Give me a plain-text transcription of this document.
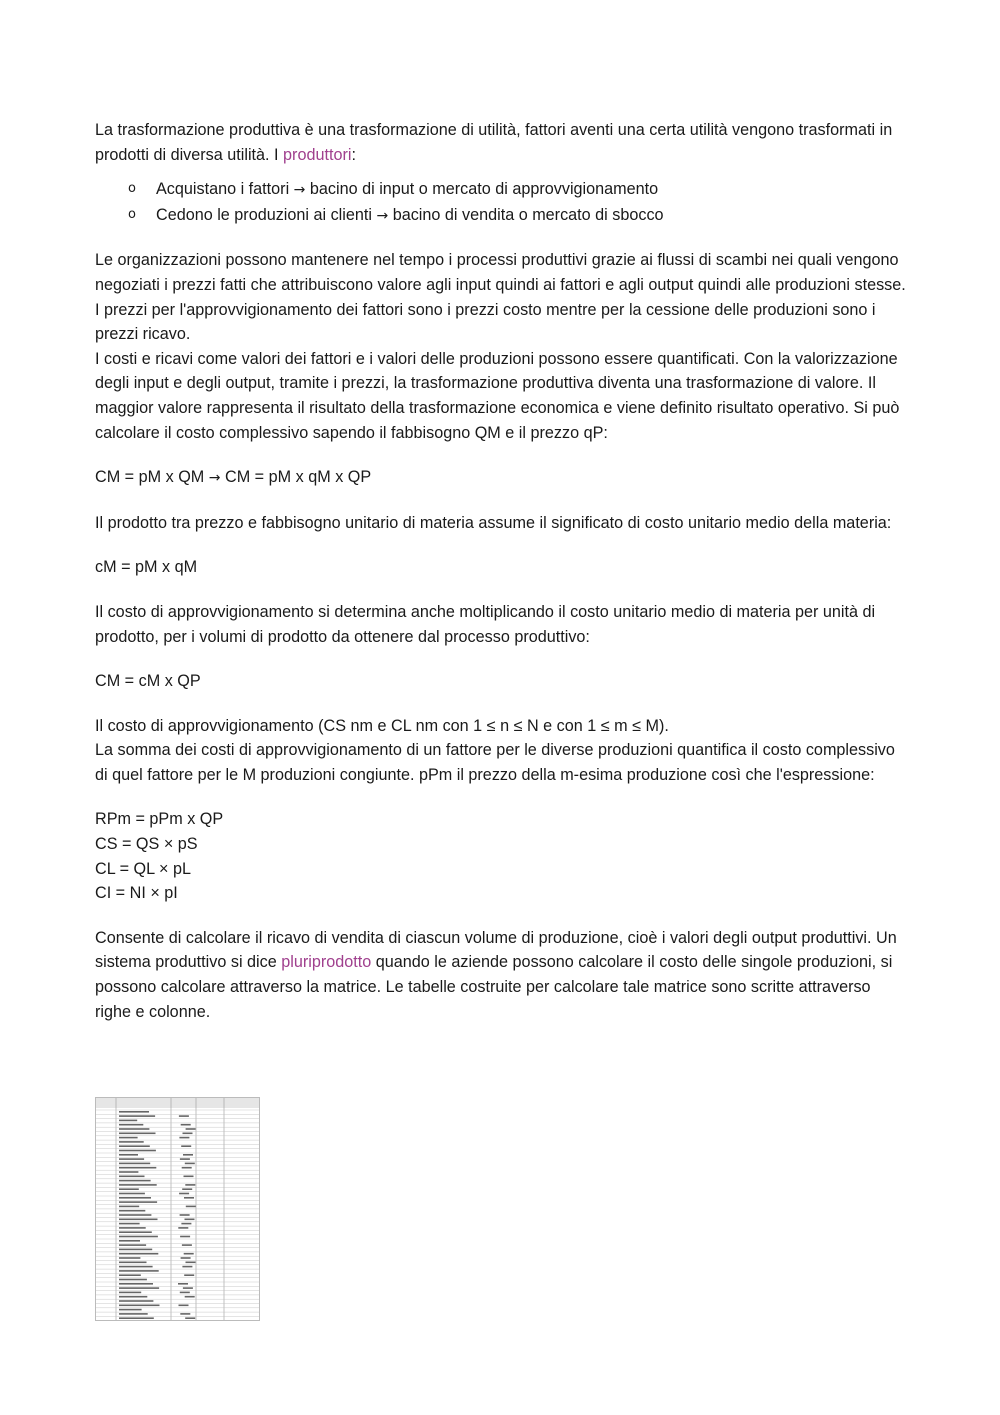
La trasformazione produttiva è una trasformazione di utilità, fattori aventi una certa utilità vengono trasformati in prodotti di diversa utilità. I produttori:

o Acquistano i fattori → bacino di input o mercato di approvvigionamento
o Cedono le produzioni ai clienti → bacino di vendita o mercato di sbocco

Le organizzazioni possono mantenere nel tempo i processi produttivi grazie ai flussi di scambi nei quali vengono negoziati i prezzi fatti che attribuiscono valore agli input quindi ai fattori e agli output quindi alle produzioni stesse. I prezzi per l'approvvigionamento dei fattori sono i prezzi costo mentre per la cessione delle produzioni sono i prezzi ricavo.

I costi e ricavi come valori dei fattori e i valori delle produzioni possono essere quantificati. Con la valorizzazione degli input e degli output, tramite i prezzi, la trasformazione produttiva diventa una trasformazione di valore. Il maggior valore rappresenta il risultato della trasformazione economica e viene definito risultato operativo. Si può calcolare il costo complessivo sapendo il fabbisogno QM e il prezzo qP:

CM = pM x QM → CM = pM x qM x QP

Il prodotto tra prezzo e fabbisogno unitario di materia assume il significato di costo unitario medio della materia:

cM = pM x qM

Il costo di approvvigionamento si determina anche moltiplicando il costo unitario medio di materia per unità di prodotto, per i volumi di prodotto da ottenere dal processo produttivo:

CM = cM x QP

Il costo di approvvigionamento (CS nm e CL nm con 1 ≤ n ≤ N e con 1 ≤ m ≤ M).

La somma dei costi di approvvigionamento di un fattore per le diverse produzioni quantifica il costo complessivo di quel fattore per le M produzioni congiunte. pPm il prezzo della m-esima produzione così che l'espressione:

RPm = pPm x QP

CS = QS × pS

CL = QL × pL

CI = NI × pI

Consente di calcolare il ricavo di vendita di ciascun volume di produzione, cioè i valori degli output produttivi. Un sistema produttivo si dice pluriprodotto quando le aziende possono calcolare il costo delle singole produzioni, si possono calcolare attraverso la matrice. Le tabelle costruite per calcolare tale matrice sono scritte attraverso righe e colonne.
